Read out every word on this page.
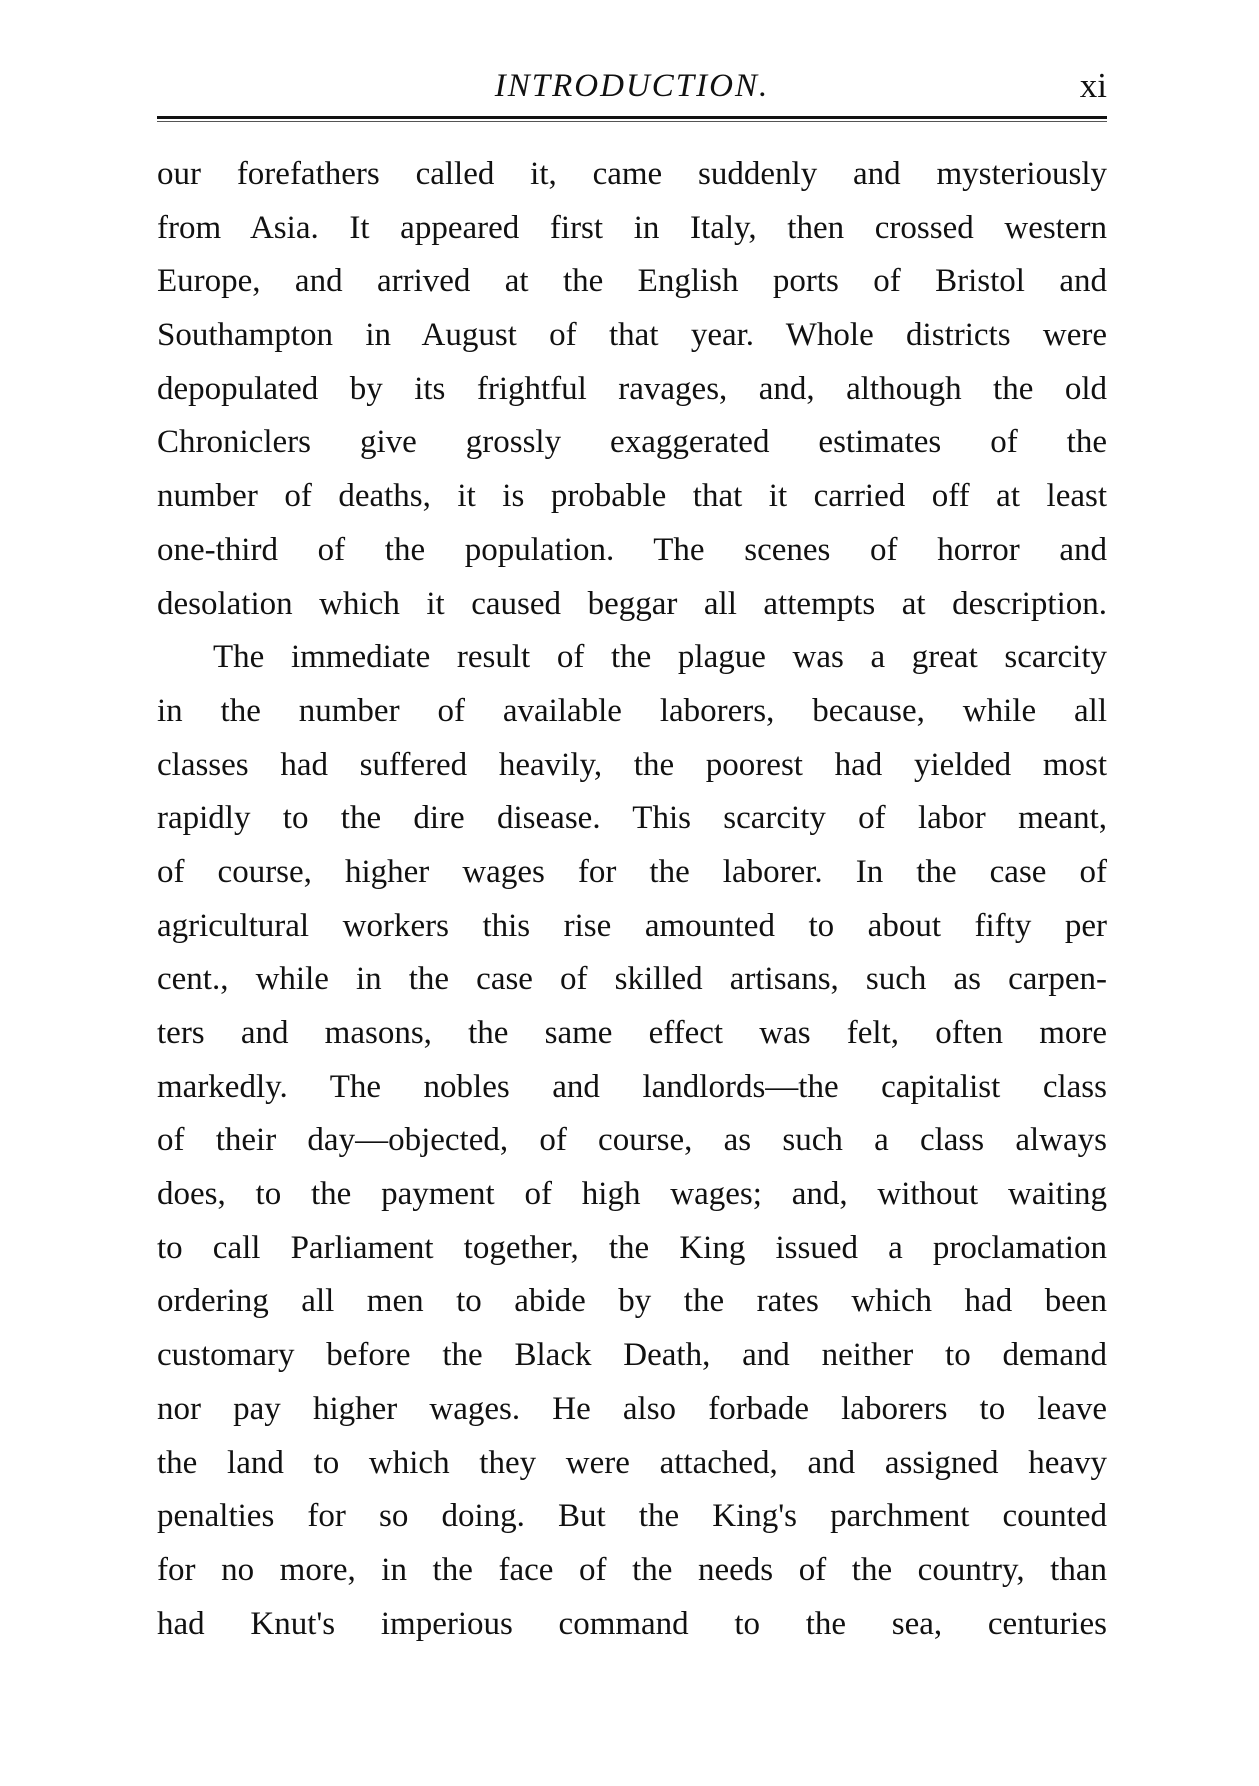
INTRODUCTION.	xi
our forefathers called it, came suddenly and mysteriously
from Asia. It appeared first in Italy, then crossed western
Europe, and arrived at the English ports of Bristol and
Southampton in August of that year. Whole districts were
depopulated by its frightful ravages, and, although the old
Chroniclers give grossly exaggerated estimates of the
number of deaths, it is probable that it carried off at least
one-third of the population. The scenes of horror and
desolation which it caused beggar all attempts at description.
The immediate result of the plague was a great scarcity
in the number of available laborers, because, while all
classes had suffered heavily, the poorest had yielded most
rapidly to the dire disease. This scarcity of labor meant,
of course, higher wages for the laborer. In the case of
agricultural workers this rise amounted to about fifty per
cent., while in the case of skilled artisans, such as carpen-
ters and masons, the same effect was felt, often more
markedly. The nobles and landlords—the capitalist class
of their day—objected, of course, as such a class always
does, to the payment of high wages; and, without waiting
to call Parliament together, the King issued a proclamation
ordering all men to abide by the rates which had been
customary before the Black Death, and neither to demand
nor pay higher wages. He also forbade laborers to leave
the land to which they were attached, and assigned heavy
penalties for so doing. But the King's parchment counted
for no more, in the face of the needs of the country, than
had Knut's imperious command to the sea, centuries
